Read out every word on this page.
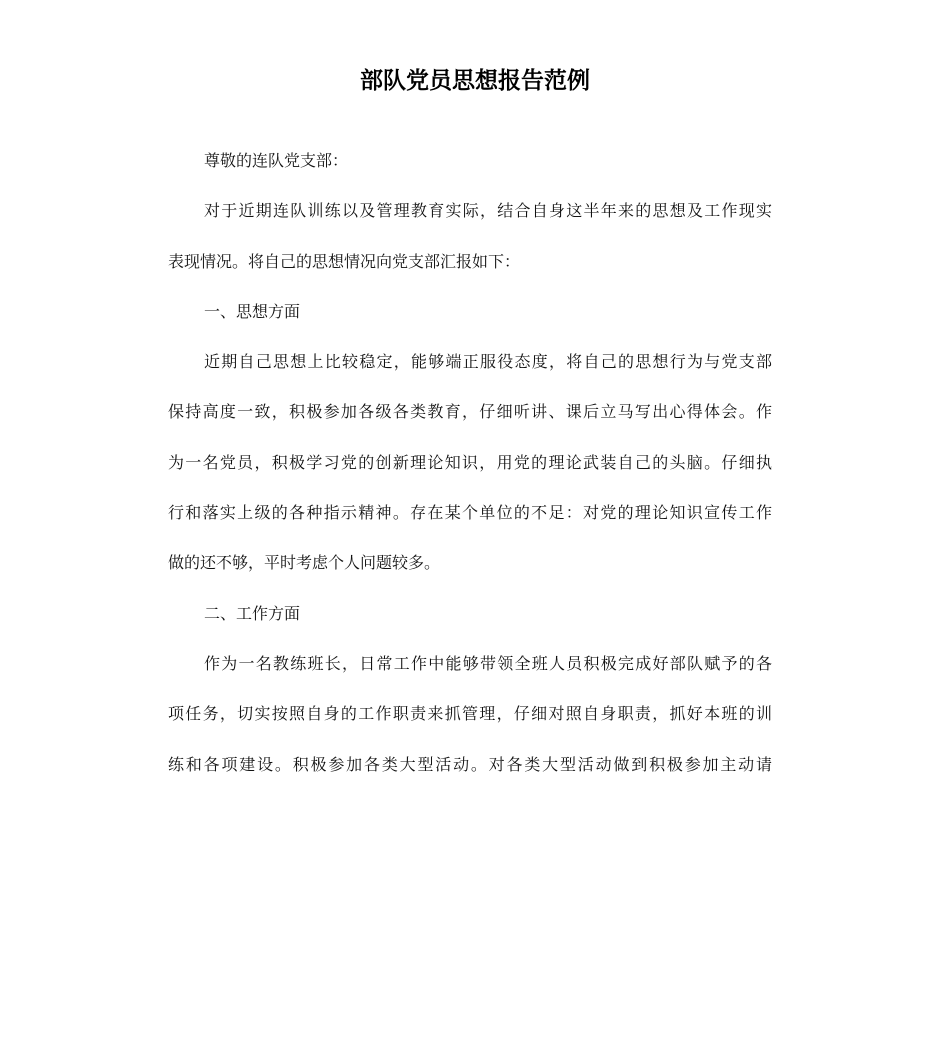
部队党员思想报告范例
尊敬的连队党支部：
对于近期连队训练以及管理教育实际，结合自身这半年来的思想及工作现实
表现情况。将自己的思想情况向党支部汇报如下：
一、思想方面
近期自己思想上比较稳定，能够端正服役态度，将自己的思想行为与党支部
保持高度一致，积极参加各级各类教育，仔细听讲、课后立马写出心得体会。作
为一名党员，积极学习党的创新理论知识，用党的理论武装自己的头脑。仔细执
行和落实上级的各种指示精神。存在某个单位的不足：对党的理论知识宣传工作
做的还不够，平时考虑个人问题较多。
二、工作方面
作为一名教练班长，日常工作中能够带领全班人员积极完成好部队赋予的各
项任务，切实按照自身的工作职责来抓管理，仔细对照自身职责，抓好本班的训
练和各项建设。积极参加各类大型活动。对各类大型活动做到积极参加主动请
